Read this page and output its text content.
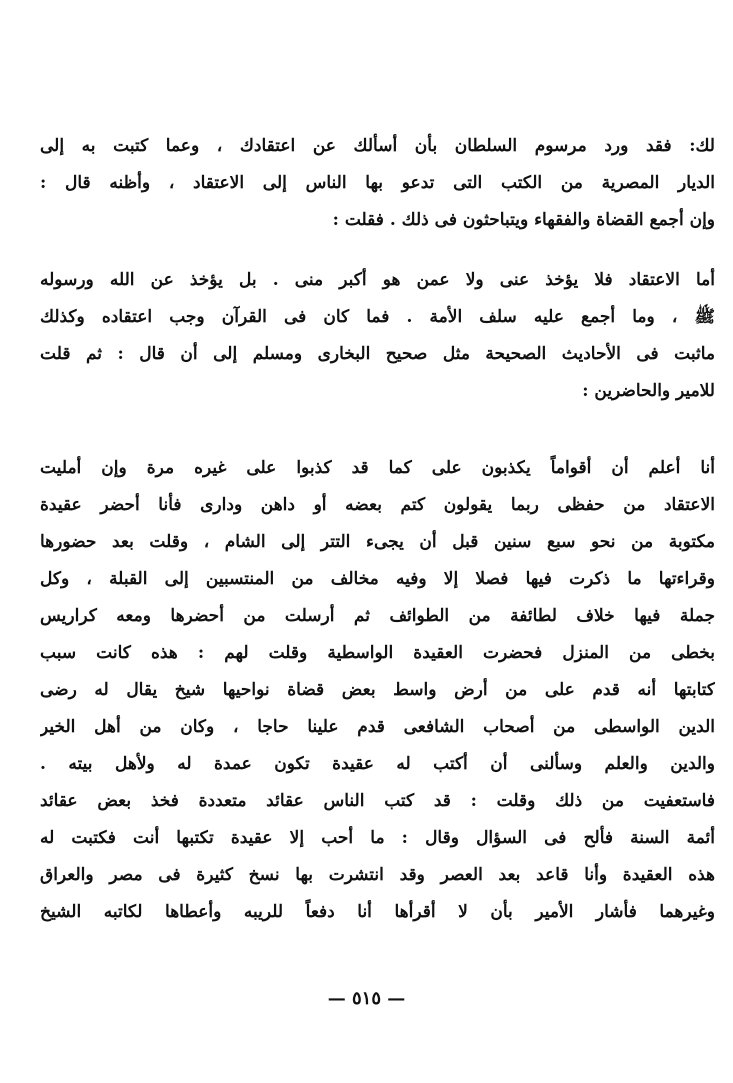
لك: فقد ورد مرسوم السلطان بأن أسألك عن اعتقادك ، وعما كتبت به إلى
الديار المصرية من الكتب التى تدعو بها الناس إلى الاعتقاد ، وأظنه قال :
وإن أجمع القضاة والفقهاء ويتباحثون فى ذلك . فقلت :
أما الاعتقاد فلا يؤخذ عنى ولا عمن هو أكبر منى . بل يؤخذ عن الله ورسوله
ﷺ ، وما أجمع عليه سلف الأمة . فما كان فى القرآن وجب اعتقاده وكذلك
ماثبت فى الأحاديث الصحيحة مثل صحيح البخارى ومسلم إلى أن قال : ثم قلت
للامير والحاضرين :
أنا أعلم أن أقواماً يكذبون على كما قد كذبوا على غيره مرة وإن أمليت
الاعتقاد من حفظى ربما يقولون كتم بعضه أو داهن ودارى فأنا أحضر عقيدة
مكتوبة من نحو سبع سنين قبل أن يجىء التتر إلى الشام ، وقلت بعد حضورها
وقراءتها ما ذكرت فيها فصلا إلا وفيه مخالف من المنتسبين إلى القبلة ، وكل
جملة فيها خلاف لطائفة من الطوائف ثم أرسلت من أحضرها ومعه كراريس
بخطى من المنزل فحضرت العقيدة الواسطية وقلت لهم : هذه كانت سبب
كتابتها أنه قدم على من أرض واسط بعض قضاة نواحيها شيخ يقال له رضى
الدين الواسطى من أصحاب الشافعى قدم علينا حاجا ، وكان من أهل الخير
والدين والعلم وسألنى أن أكتب له عقيدة تكون عمدة له ولأهل بيته .
فاستعفيت من ذلك وقلت : قد كتب الناس عقائد متعددة فخذ بعض عقائد
أئمة السنة فألح فى السؤال وقال : ما أحب إلا عقيدة تكتبها أنت فكتبت له
هذه العقيدة وأنا قاعد بعد العصر وقد انتشرت بها نسخ كثيرة فى مصر والعراق
وغيرهما فأشار الأمير بأن لا أقرأها أنا دفعاً للريبه وأعطاها لكاتبه الشيخ
— ٥١٥ —
